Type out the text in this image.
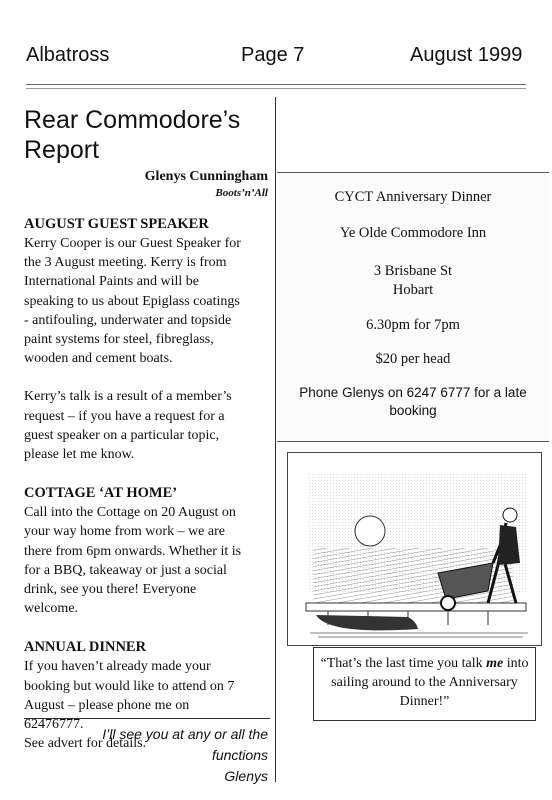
Albatross	Page 7	August 1999
Rear Commodore’s
Report
Glenys Cunningham
Boots’n’All
AUGUST GUEST SPEAKER

Kerry Cooper is our Guest Speaker for
the 3 August meeting. Kerry is from
International Paints and will be
speaking to us about Epiglass coatings
- antifouling, underwater and topside
paint systems for steel, fibreglass,
wooden and cement boats.

Kerry’s talk is a result of a member’s
request – if you have a request for a
guest speaker on a particular topic,
please let me know.

COTTAGE ‘AT HOME’

Call into the Cottage on 20 August on
your way home from work – we are
there from 6pm onwards. Whether it is
for a BBQ, takeaway or just a social
drink, see you there! Everyone
welcome.

ANNUAL DINNER

If you haven’t already made your
booking but would like to attend on 7
August – please phone me on
62476777.
See advert for details.

I’ll see you at any or all the
functions
Glenys
CYCT Anniversary Dinner
Ye Olde Commodore Inn
3 Brisbane St
Hobart
6.30pm for 7pm
$20 per head
Phone Glenys on 6247 6777 for a late booking
“That’s the last time you talk me into sailing around to the Anniversary Dinner!”
